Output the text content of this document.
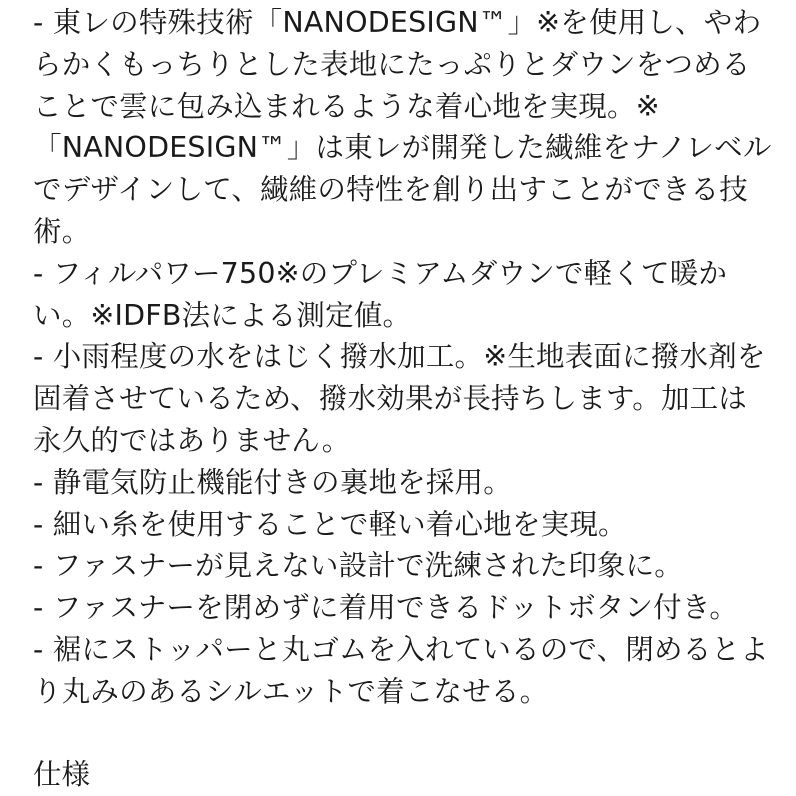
- 東レの特殊技術「NANODESIGN™」※を使用し、やわ
らかくもっちりとした表地にたっぷりとダウンをつめる
ことで雲に包み込まれるような着心地を実現。※
「NANODESIGN™」は東レが開発した繊維をナノレベル
でデザインして、繊維の特性を創り出すことができる技
術。
- フィルパワー750※のプレミアムダウンで軽くて暖か
い。※IDFB法による測定値。
- 小雨程度の水をはじく撥水加工。※生地表面に撥水剤を
固着させているため、撥水効果が長持ちします。加工は
永久的ではありません。
- 静電気防止機能付きの裏地を採用。
- 細い糸を使用することで軽い着心地を実現。
- ファスナーが見えない設計で洗練された印象に。
- ファスナーを閉めずに着用できるドットボタン付き。
- 裾にストッパーと丸ゴムを入れているので、閉めるとよ
り丸みのあるシルエットで着こなせる。
仕様
